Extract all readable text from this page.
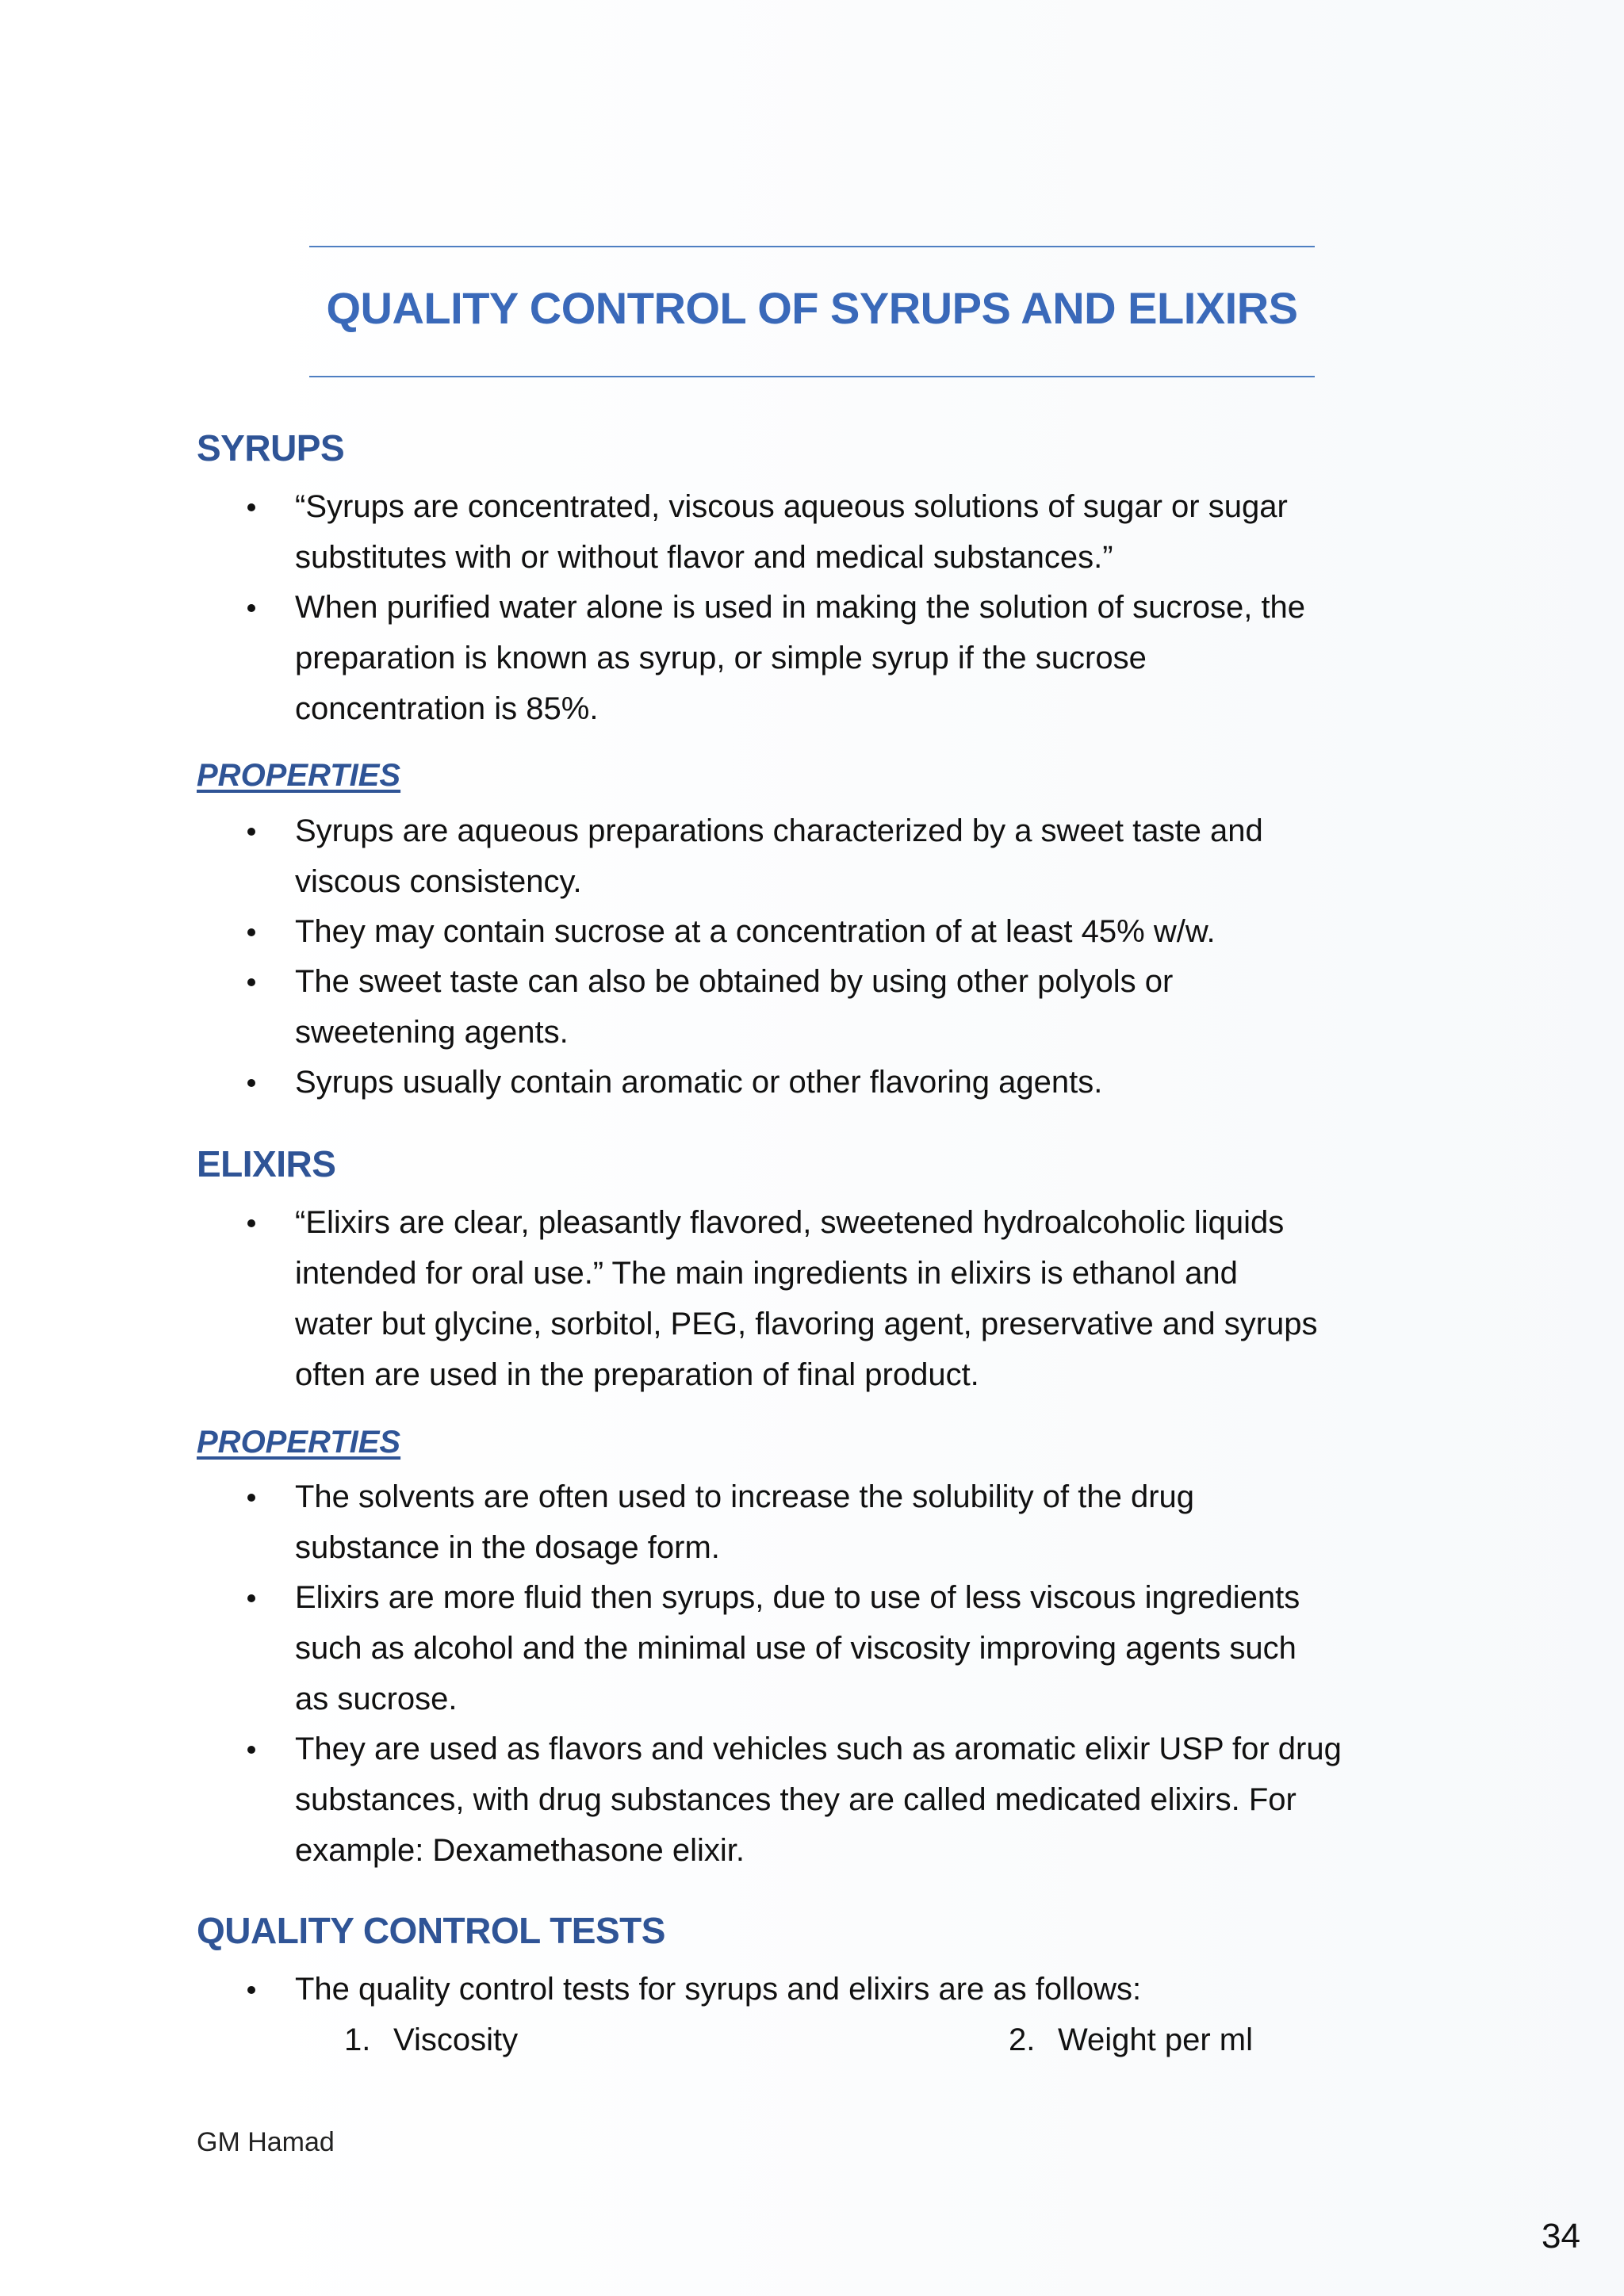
QUALITY CONTROL OF SYRUPS AND ELIXIRS
SYRUPS

“Syrups are concentrated, viscous aqueous solutions of sugar or sugar
substitutes with or without flavor and medical substances.”

When purified water alone is used in making the solution of sucrose, the
preparation is known as syrup, or simple syrup if the sucrose
concentration is 85%.

PROPERTIES

Syrups are aqueous preparations characterized by a sweet taste and
viscous consistency.

They may contain sucrose at a concentration of at least 45% w/w.

The sweet taste can also be obtained by using other polyols or
sweetening agents.

Syrups usually contain aromatic or other flavoring agents.

ELIXIRS

“Elixirs are clear, pleasantly flavored, sweetened hydroalcoholic liquids
intended for oral use.” The main ingredients in elixirs is ethanol and
water but glycine, sorbitol, PEG, flavoring agent, preservative and syrups
often are used in the preparation of final product.

PROPERTIES

The solvents are often used to increase the solubility of the drug
substance in the dosage form.

Elixirs are more fluid then syrups, due to use of less viscous ingredients
such as alcohol and the minimal use of viscosity improving agents such
as sucrose.

They are used as flavors and vehicles such as aromatic elixir USP for drug
substances, with drug substances they are called medicated elixirs. For
example: Dexamethasone elixir.

QUALITY CONTROL TESTS

The quality control tests for syrups and elixirs are as follows:

1. Viscosity	2. Weight per ml
GM Hamad
34
